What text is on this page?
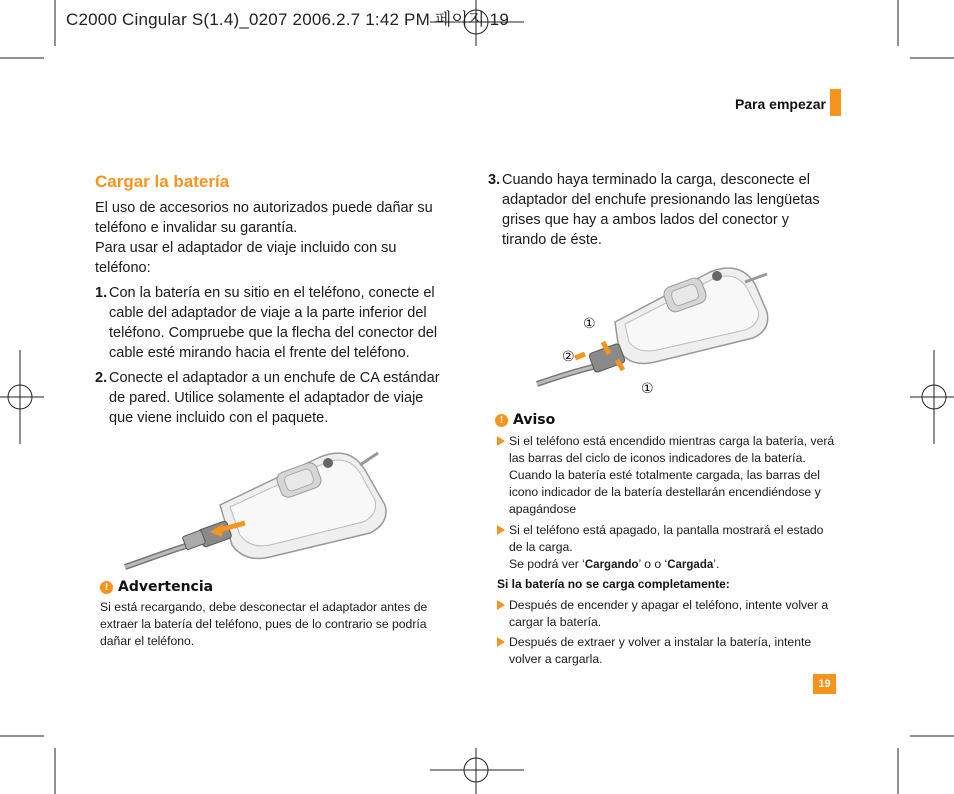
C2000 Cingular S(1.4)_0207 2006.2.7 1:42 PM 페이지 19
Para empezar
Cargar la batería
El uso de accesorios no autorizados puede dañar su teléfono e invalidar su garantía.
Para usar el adaptador de viaje incluido con su teléfono:
1. Con la batería en su sitio en el teléfono, conecte el cable del adaptador de viaje a la parte inferior del teléfono. Compruebe que la flecha del conector del cable esté mirando hacia el frente del teléfono.
2. Conecte el adaptador a un enchufe de CA estándar de pared. Utilice solamente el adaptador de viaje que viene incluido con el paquete.
3. Cuando haya terminado la carga, desconecte el adaptador del enchufe presionando las lengüetas grises que hay a ambos lados del conector y tirando de éste.
! Advertencia
Si está recargando, debe desconectar el adaptador antes de extraer la batería del teléfono, pues de lo contrario se podría dañar el teléfono.
①
②
①
! Aviso
Si el teléfono está encendido mientras carga la batería, verá las barras del ciclo de iconos indicadores de la batería. Cuando la batería esté totalmente cargada, las barras del icono indicador de la batería destellarán encendiéndose y apagándose
Si el teléfono está apagado, la pantalla mostrará el estado de la carga.
Se podrá ver ‘Cargando’ o o ‘Cargada’.
Si la batería no se carga completamente:
Después de encender y apagar el teléfono, intente volver a cargar la batería.
Después de extraer y volver a instalar la batería, intente volver a cargarla.
19
